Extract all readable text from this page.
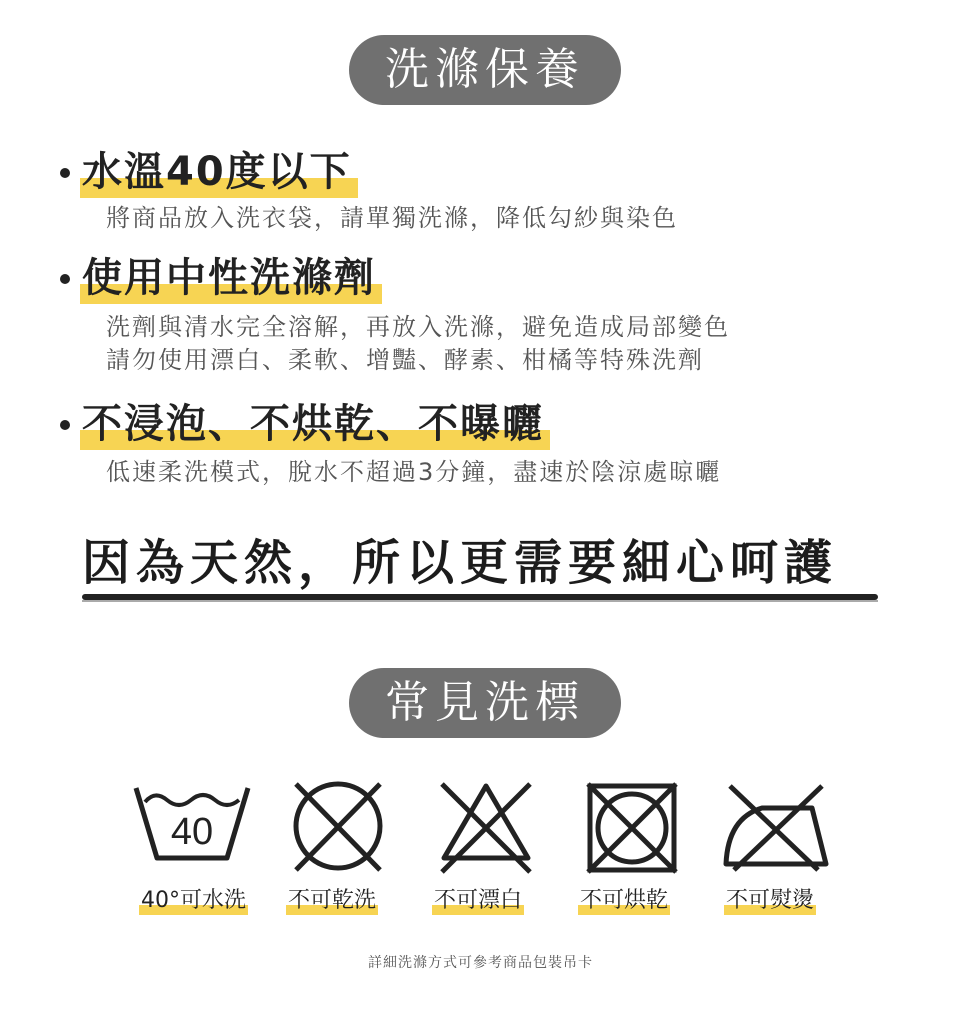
洗滌保養
水溫40度以下
將商品放入洗衣袋，請單獨洗滌，降低勾紗與染色
使用中性洗滌劑
洗劑與清水完全溶解，再放入洗滌，避免造成局部變色
請勿使用漂白、柔軟、增豔、酵素、柑橘等特殊洗劑
不浸泡、不烘乾、不曝曬
低速柔洗模式，脫水不超過3分鐘，盡速於陰涼處晾曬
因為天然，所以更需要細心呵護
常見洗標
40
40°可水洗 不可乾洗	不可漂白	不可烘乾	不可熨燙
詳細洗滌方式可參考商品包裝吊卡
